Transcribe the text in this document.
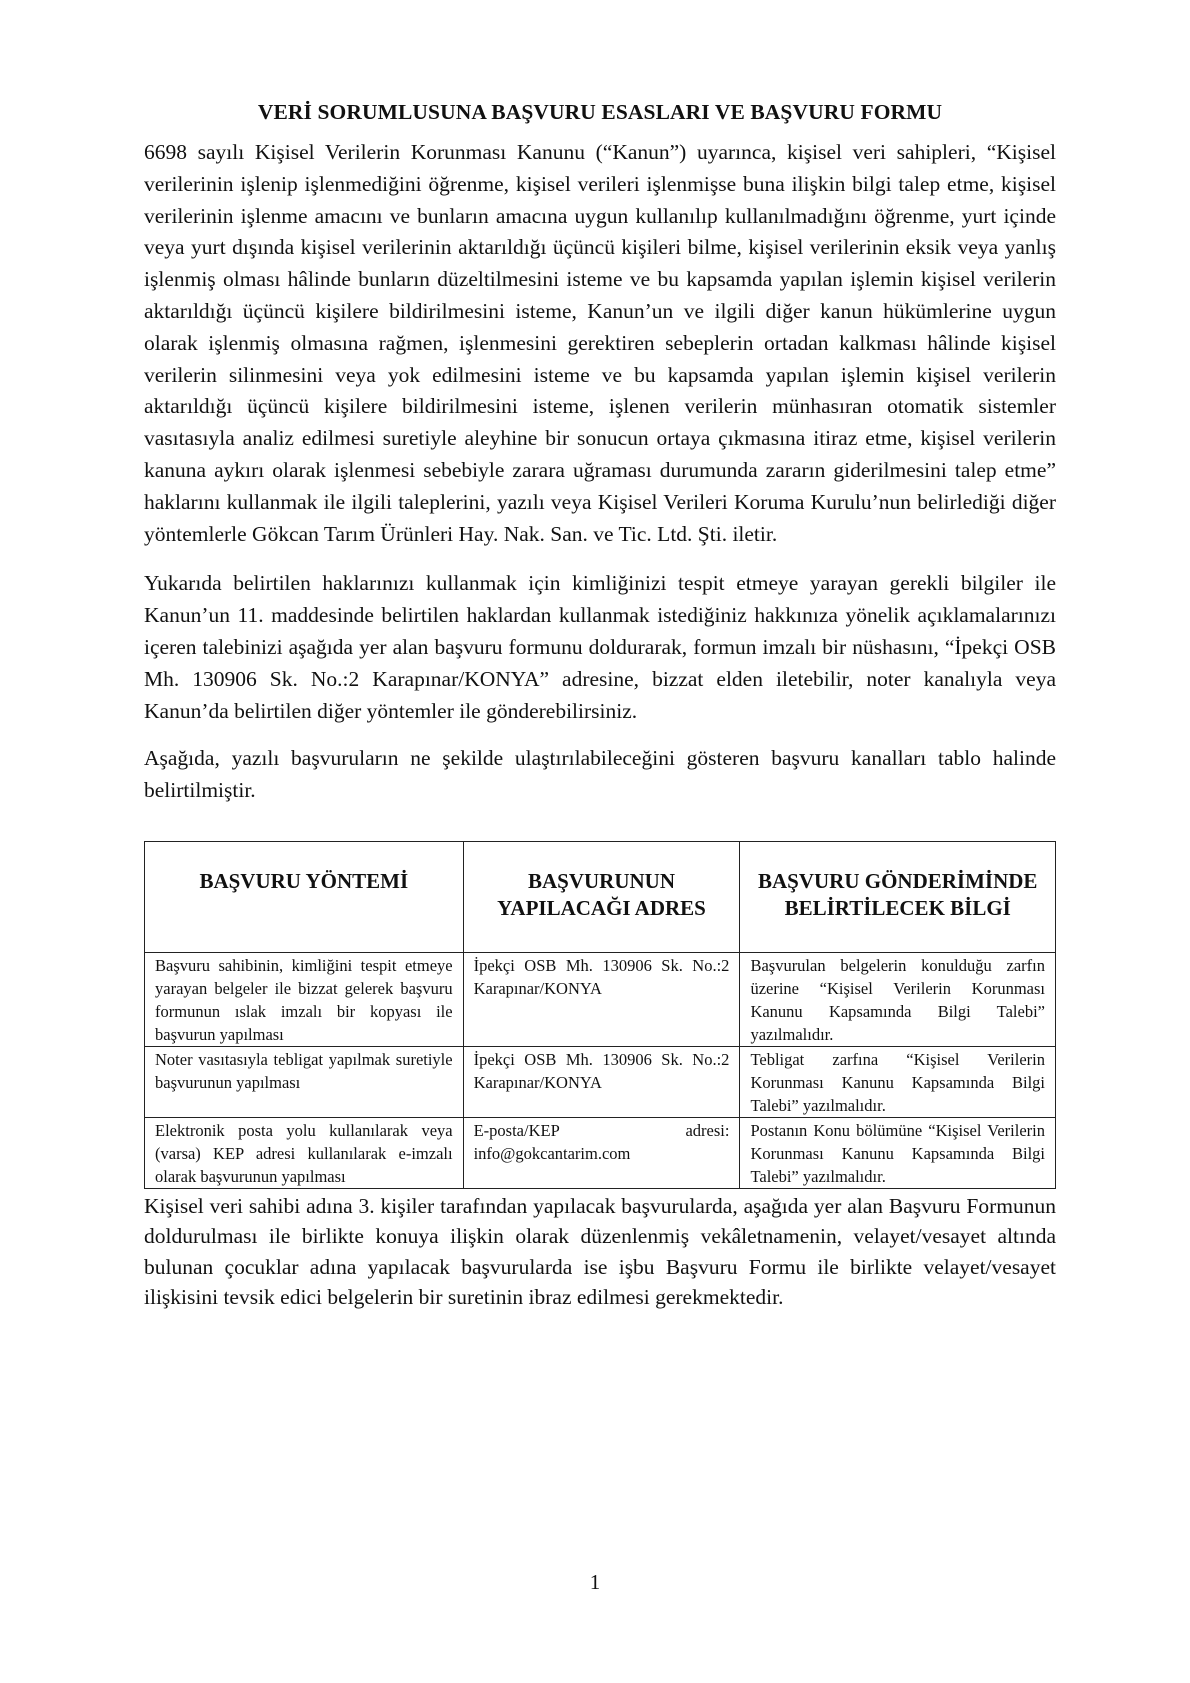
VERİ SORUMLUSUNA BAŞVURU ESASLARI VE BAŞVURU FORMU

6698 sayılı Kişisel Verilerin Korunması Kanunu (“Kanun”) uyarınca, kişisel veri sahipleri, “Kişisel verilerinin işlenip işlenmediğini öğrenme, kişisel verileri işlenmişse buna ilişkin bilgi talep etme, kişisel verilerinin işlenme amacını ve bunların amacına uygun kullanılıp kullanılmadığını öğrenme, yurt içinde veya yurt dışında kişisel verilerinin aktarıldığı üçüncü kişileri bilme, kişisel verilerinin eksik veya yanlış işlenmiş olması hâlinde bunların düzeltilmesini isteme ve bu kapsamda yapılan işlemin kişisel verilerin aktarıldığı üçüncü kişilere bildirilmesini isteme, Kanun’un ve ilgili diğer kanun hükümlerine uygun olarak işlenmiş olmasına rağmen, işlenmesini gerektiren sebeplerin ortadan kalkması hâlinde kişisel verilerin silinmesini veya yok edilmesini isteme ve bu kapsamda yapılan işlemin kişisel verilerin aktarıldığı üçüncü kişilere bildirilmesini isteme, işlenen verilerin münhasıran otomatik sistemler vasıtasıyla analiz edilmesi suretiyle aleyhine bir sonucun ortaya çıkmasına itiraz etme, kişisel verilerin kanuna aykırı olarak işlenmesi sebebiyle zarara uğraması durumunda zararın giderilmesini talep etme” haklarını kullanmak ile ilgili taleplerini, yazılı veya Kişisel Verileri Koruma Kurulu’nun belirlediği diğer yöntemlerle Gökcan Tarım Ürünleri Hay. Nak. San. ve Tic. Ltd. Şti. iletir.

Yukarıda belirtilen haklarınızı kullanmak için kimliğinizi tespit etmeye yarayan gerekli bilgiler ile Kanun’un 11. maddesinde belirtilen haklardan kullanmak istediğiniz hakkınıza yönelik açıklamalarınızı içeren talebinizi aşağıda yer alan başvuru formunu doldurarak, formun imzalı bir nüshasını, “İpekçi OSB Mh. 130906 Sk. No.:2 Karapınar/KONYA” adresine, bizzat elden iletebilir, noter kanalıyla veya Kanun’da belirtilen diğer yöntemler ile gönderebilirsiniz.

Aşağıda, yazılı başvuruların ne şekilde ulaştırılabileceğini gösteren başvuru kanalları tablo halinde belirtilmiştir.

BAŞVURU YÖNTEMİ	BAŞVURUNUN YAPILACAĞI ADRES	BAŞVURU GÖNDERİMİNDE BELİRTİLECEK BİLGİ
Başvuru sahibinin, kimliğini tespit etmeye yarayan belgeler ile bizzat gelerek başvuru formunun ıslak imzalı bir kopyası ile başvurun yapılması	İpekçi OSB Mh. 130906 Sk. No.:2 Karapınar/KONYA	Başvurulan belgelerin konulduğu zarfın üzerine “Kişisel Verilerin Korunması Kanunu Kapsamında Bilgi Talebi” yazılmalıdır.
Noter vasıtasıyla tebligat yapılmak suretiyle başvurunun yapılması	İpekçi OSB Mh. 130906 Sk. No.:2 Karapınar/KONYA	Tebligat zarfına “Kişisel Verilerin Korunması Kanunu Kapsamında Bilgi Talebi” yazılmalıdır.
Elektronik posta yolu kullanılarak veya (varsa) KEP adresi kullanılarak e-imzalı olarak başvurunun yapılması	E-posta/KEP adresi: info@gokcantarim.com	Postanın Konu bölümüne “Kişisel Verilerin Korunması Kanunu Kapsamında Bilgi Talebi” yazılmalıdır.

Kişisel veri sahibi adına 3. kişiler tarafından yapılacak başvurularda, aşağıda yer alan Başvuru Formunun doldurulması ile birlikte konuya ilişkin olarak düzenlenmiş vekâletnamenin, velayet/vesayet altında bulunan çocuklar adına yapılacak başvurularda ise işbu Başvuru Formu ile birlikte velayet/vesayet ilişkisini tevsik edici belgelerin bir suretinin ibraz edilmesi gerekmektedir.

1
